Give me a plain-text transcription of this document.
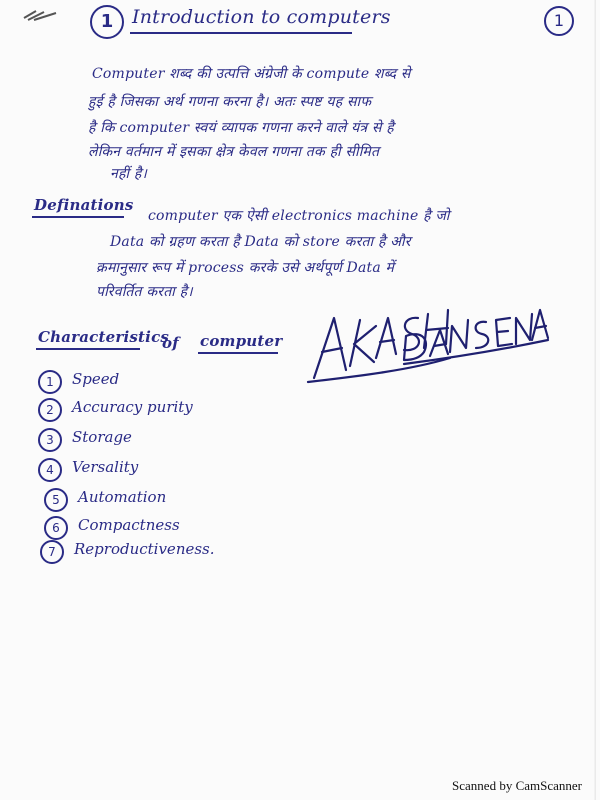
1 Introduction to computers	1
Computer शब्द की उत्पत्ति अंग्रेजी के compute शब्द से
हुई है जिसका अर्थ गणना करना है। अतः स्पष्ट यह साफ
है कि computer स्वयं व्यापक गणना करने वाले यंत्र से है
लेकिन वर्तमान में इसका क्षेत्र केवल गणना तक ही सीमित
नहीं है।
Definations
computer एक ऐसी electronics machine है जो
Data को ग्रहण करता है Data को store करता है और
क्रमानुसार रूप में process करके उसे अर्थपूर्ण Data में
परिवर्तित करता है।
Characteristics
of computer
1	Speed
2	Accuracy purity
3	Storage
4	Versality
5	Automation
6	Compactness
7	Reproductiveness.
Scanned by CamScanner
